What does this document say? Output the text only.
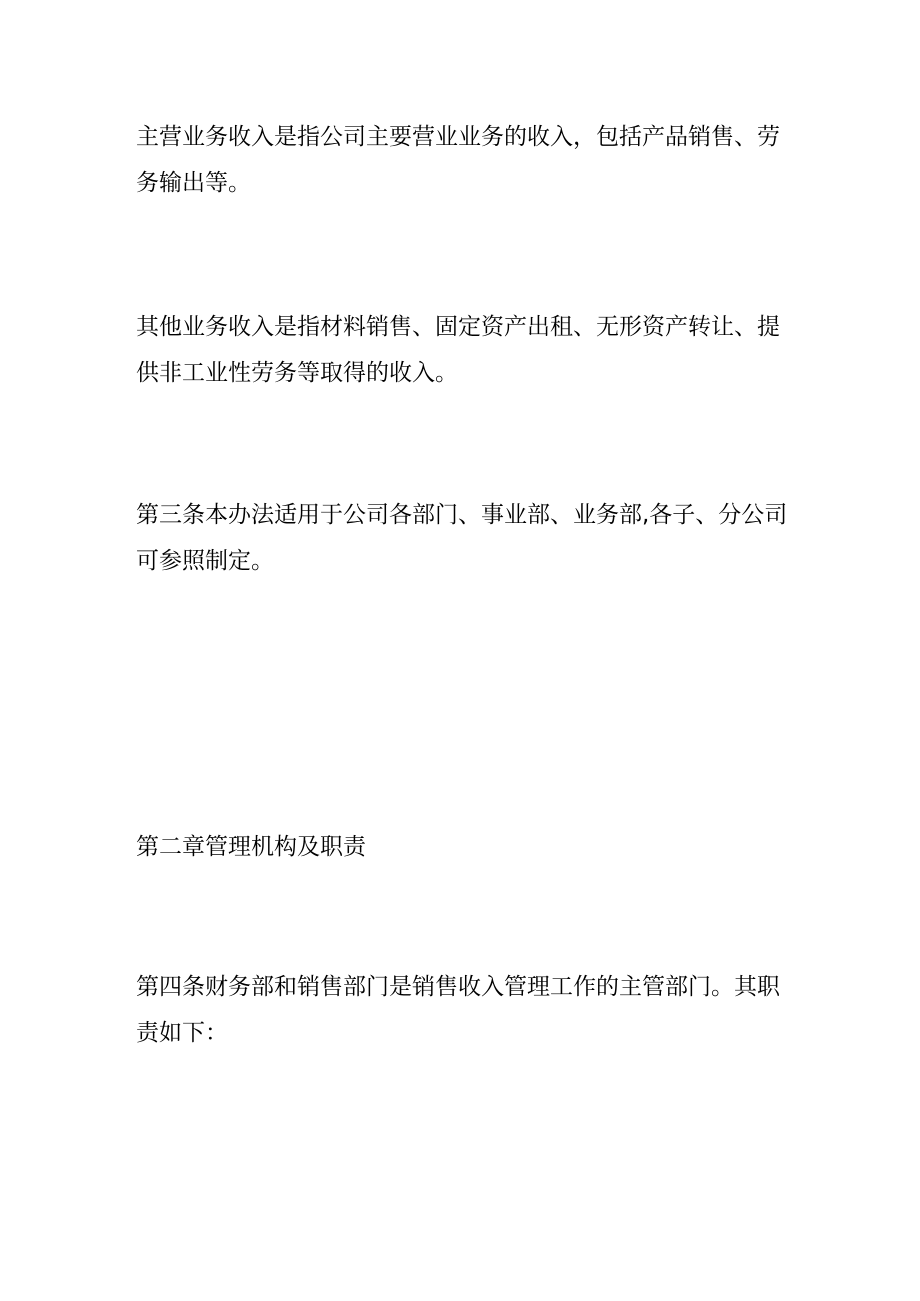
主营业务收入是指公司主要营业业务的收入，包括产品销售、劳
务输出等。

其他业务收入是指材料销售、固定资产出租、无形资产转让、提
供非工业性劳务等取得的收入。

第三条本办法适用于公司各部门、事业部、业务部,各子、分公司
可参照制定。

第二章管理机构及职责

第四条财务部和销售部门是销售收入管理工作的主管部门。其职
责如下：
